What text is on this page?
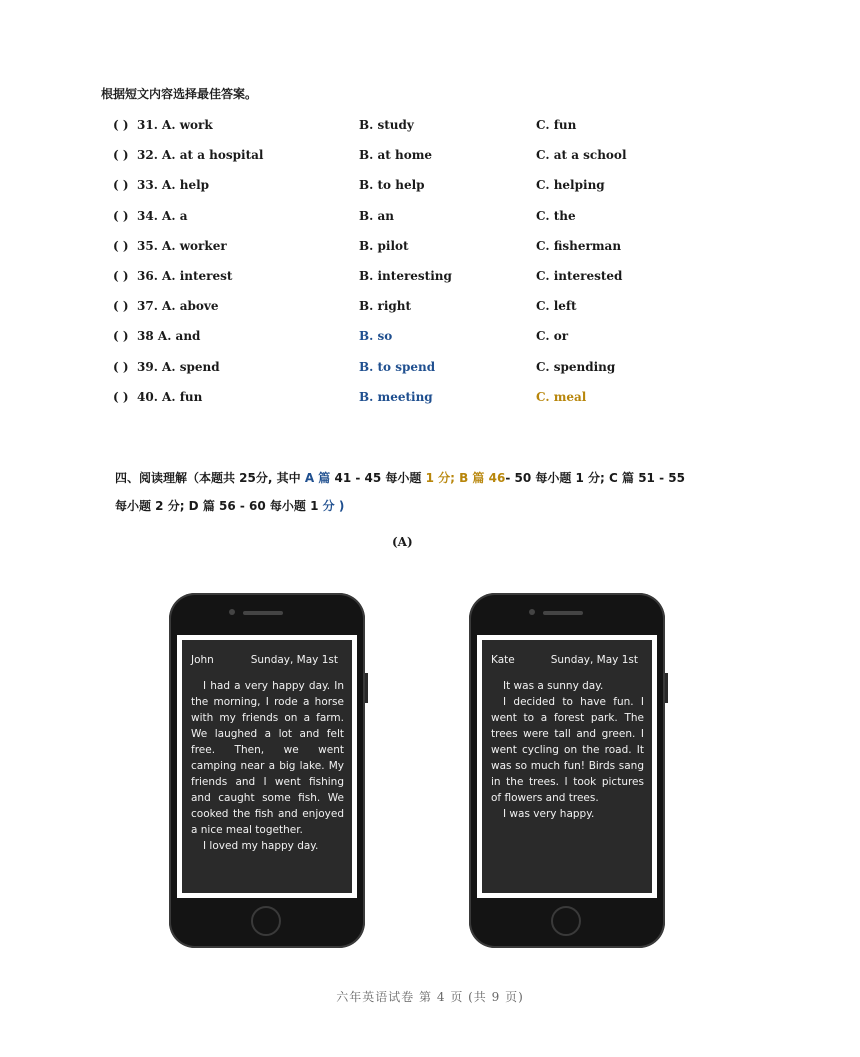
根据短文内容选择最佳答案。
( ) 31. A. work	B. study	C. fun
( ) 32. A. at a hospital	B. at home	C. at a school
( ) 33. A. help	B. to help	C. helping
( ) 34. A. a	B. an	C. the
( ) 35. A. worker	B. pilot	C. fisherman
( ) 36. A. interest	B. interesting	C. interested
( ) 37. A. above	B. right	C. left
( ) 38 A. and	B. so	C. or
( ) 39. A. spend	B. to spend	C. spending
( ) 40. A. fun	B. meeting	C. meal
四、阅读理解（本题共 25分, 其中 A 篇 41 - 45 每小题 1 分; B 篇 46- 50 每小题 1 分; C 篇 51 - 55
每小题 2 分; D 篇 56 - 60 每小题 1 分 )
(A)
John	Sunday, May 1st

I had a very happy day. In the morning, I rode a horse with my friends on a farm. We laughed a lot and felt free. Then, we went camping near a big lake. My friends and I went fishing and caught some fish. We cooked the fish and enjoyed a nice meal together.

I loved my happy day.

Kate	Sunday, May 1st

It was a sunny day.

I decided to have fun. I went to a forest park. The trees were tall and green. I went cycling on the road. It was so much fun! Birds sang in the trees. I took pictures of flowers and trees.

I was very happy.

六年英语试卷 第 4 页 (共 9 页)
